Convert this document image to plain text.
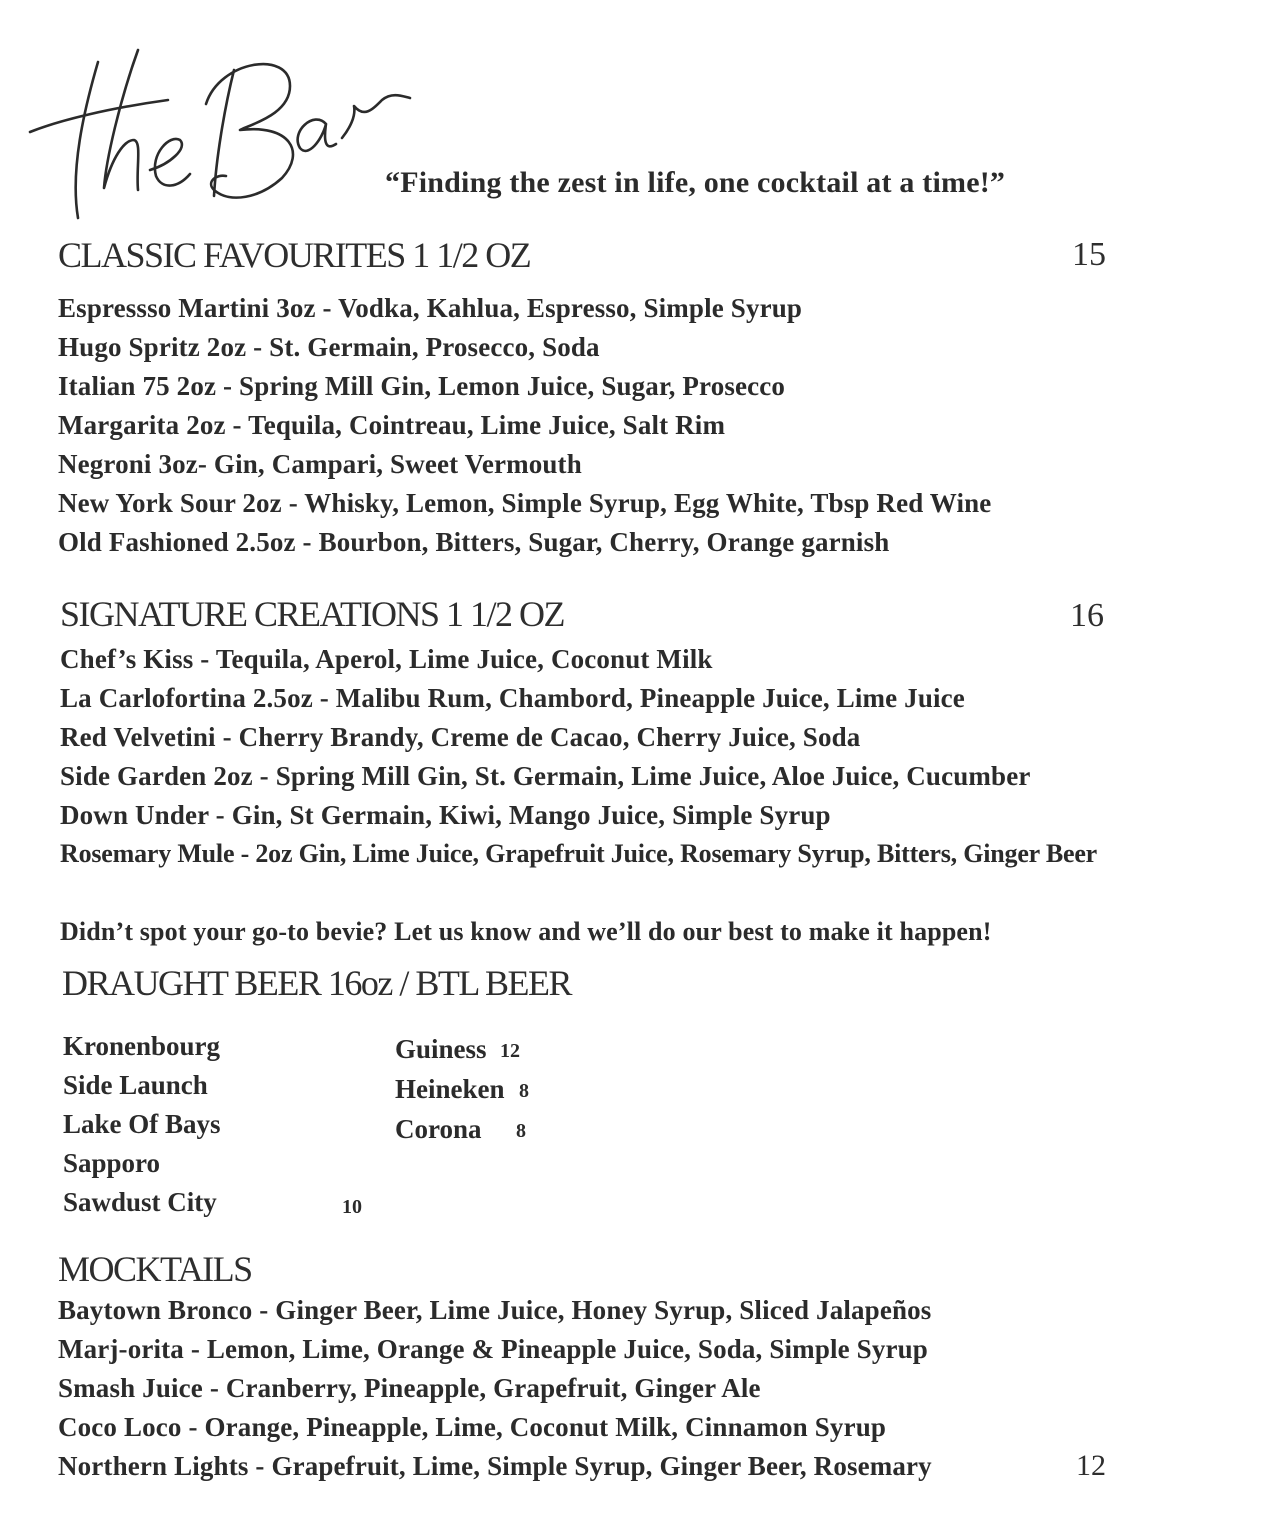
“Finding the zest in life, one cocktail at a time!”
CLASSIC FAVOURITES 1 1/2 OZ	15
Espressso Martini 3oz - Vodka, Kahlua, Espresso, Simple Syrup
Hugo Spritz 2oz - St. Germain, Prosecco, Soda
Italian 75 2oz - Spring Mill Gin, Lemon Juice, Sugar, Prosecco
Margarita 2oz - Tequila, Cointreau, Lime Juice, Salt Rim
Negroni 3oz- Gin, Campari, Sweet Vermouth
New York Sour 2oz - Whisky, Lemon, Simple Syrup, Egg White, Tbsp Red Wine
Old Fashioned 2.5oz - Bourbon, Bitters, Sugar, Cherry, Orange garnish
SIGNATURE CREATIONS 1 1/2 OZ	16
Chef’s Kiss - Tequila, Aperol, Lime Juice, Coconut Milk
La Carlofortina 2.5oz - Malibu Rum, Chambord, Pineapple Juice, Lime Juice
Red Velvetini - Cherry Brandy, Creme de Cacao, Cherry Juice, Soda
Side Garden 2oz - Spring Mill Gin, St. Germain, Lime Juice, Aloe Juice, Cucumber
Down Under - Gin, St Germain, Kiwi, Mango Juice, Simple Syrup
Rosemary Mule - 2oz Gin, Lime Juice, Grapefruit Juice, Rosemary Syrup, Bitters, Ginger Beer
Didn’t spot your go-to bevie? Let us know and we’ll do our best to make it happen!
DRAUGHT BEER 16oz / BTL BEER
Kronenbourg
Side Launch
Lake Of Bays
Sapporo
Sawdust City	10
Guiness 12
Heineken 8
Corona 8
MOCKTAILS
Baytown Bronco - Ginger Beer, Lime Juice, Honey Syrup, Sliced Jalapeños
Marj-orita - Lemon, Lime, Orange & Pineapple Juice, Soda, Simple Syrup
Smash Juice - Cranberry, Pineapple, Grapefruit, Ginger Ale
Coco Loco - Orange, Pineapple, Lime, Coconut Milk, Cinnamon Syrup
Northern Lights - Grapefruit, Lime, Simple Syrup, Ginger Beer, Rosemary	12
